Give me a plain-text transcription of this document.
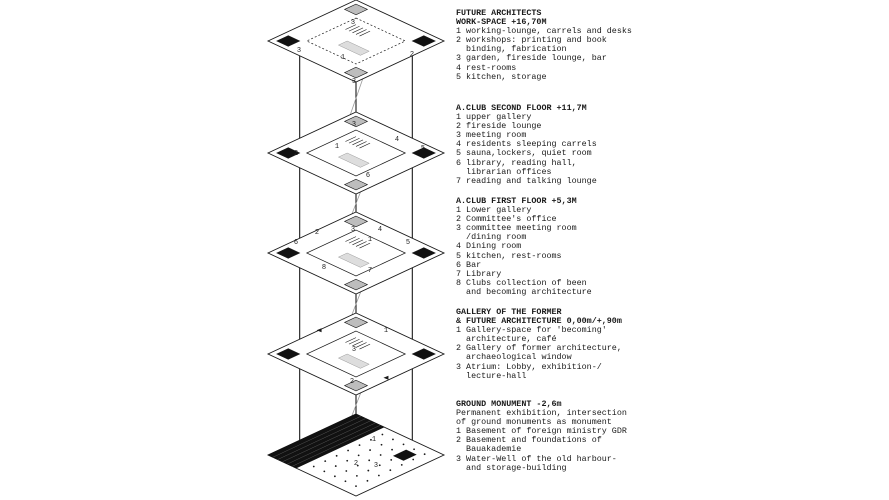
3
2
1
3
3
3
4
5
1
2
6
3
2	4
1	5
6
8	7
1
3
2
1
2 3
FUTURE ARCHITECTS
WORK-SPACE +16,70M
1 working-lounge, carrels and desks
2 workshops: printing and book
binding, fabrication
3 garden, fireside lounge, bar
4 rest-rooms
5 kitchen, storage
A.CLUB SECOND FLOOR +11,7M
1 upper gallery
2 fireside lounge
3 meeting room
4 residents sleeping carrels
5 sauna,lockers, quiet room
6 library, reading hall,
librarian offices
7 reading and talking lounge
A.CLUB FIRST FLOOR +5,3M
1 Lower gallery
2 Committee's office
3 committee meeting room
/dining room
4 Dining room
5 kitchen, rest-rooms
6 Bar
7 Library
8 Clubs collection of been
and becoming architecture
GALLERY OF THE FORMER
& FUTURE ARCHITECTURE 0,00m/+,90m
1 Gallery-space for 'becoming'
architecture, café
2 Gallery of former architecture,
archaeological window
3 Atrium: Lobby, exhibition-/
lecture-hall
GROUND MONUMENT -2,6m
Permanent exhibition, intersection
of ground monuments as monument
1 Basement of foreign ministry GDR
2 Basement and foundations of
Bauakademie
3 Water-Well of the old harbour-
and storage-building
